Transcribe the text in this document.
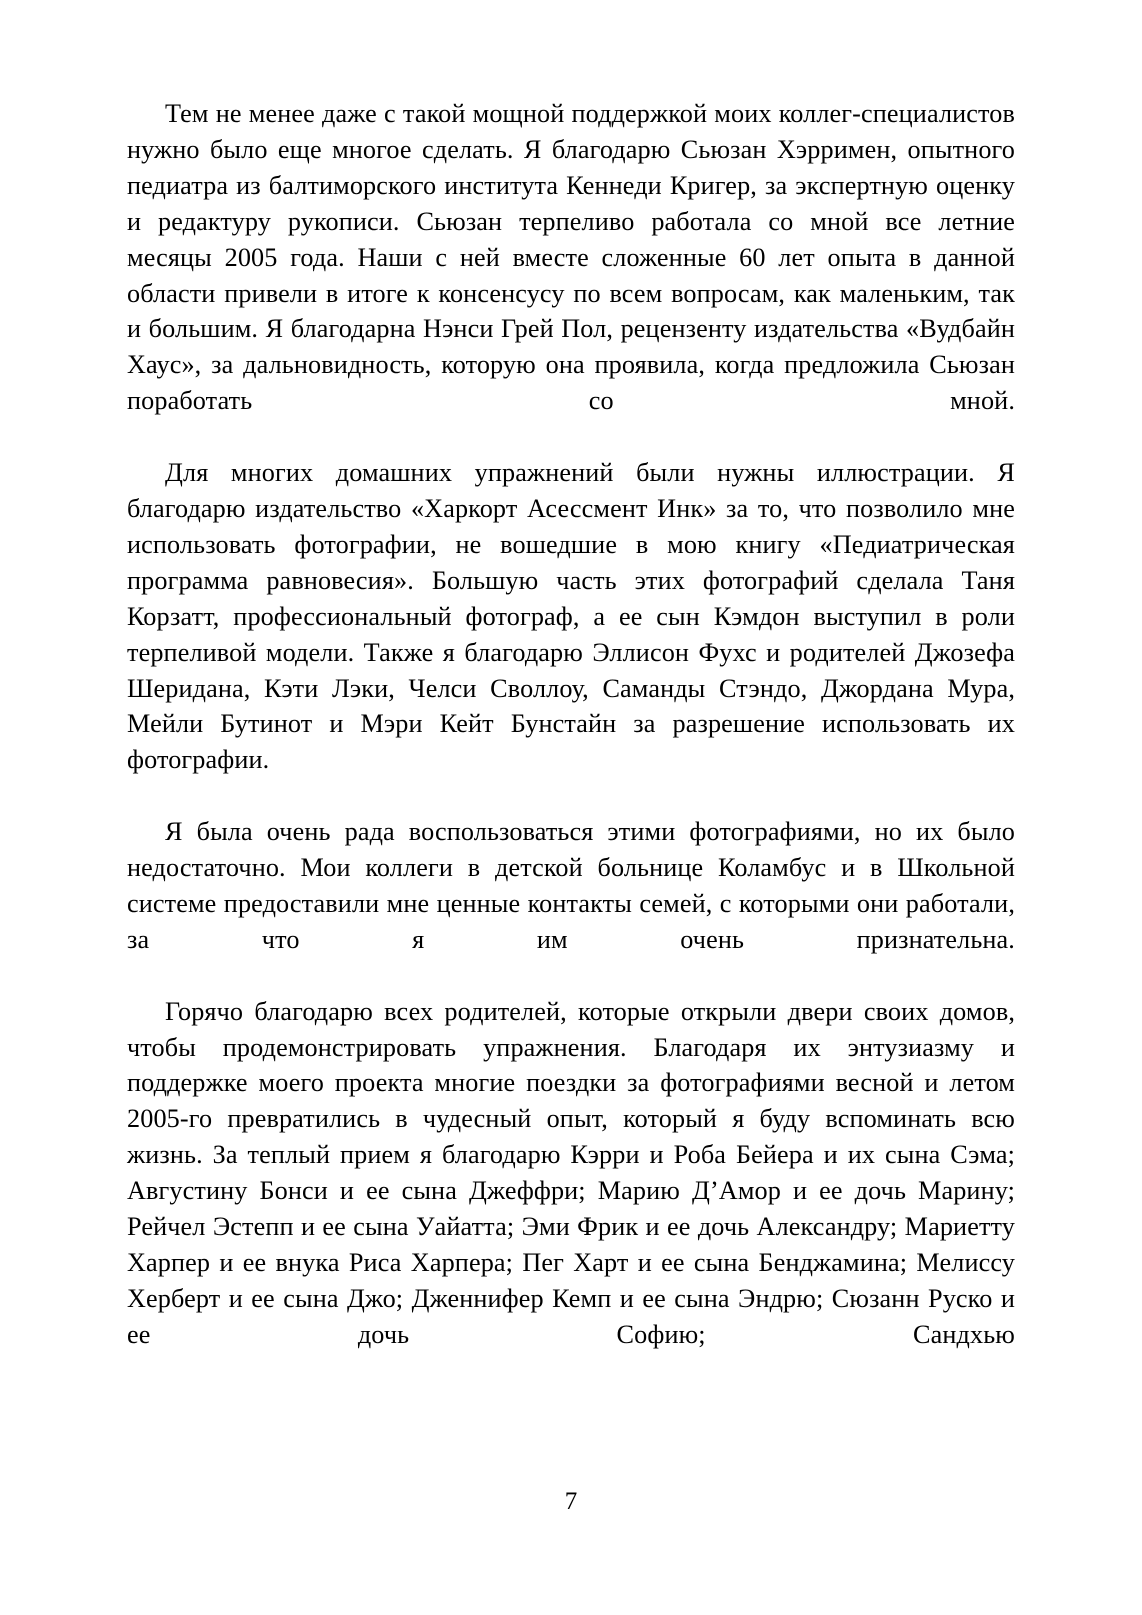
Тем не менее даже с такой мощной поддержкой моих коллег-специалистов нужно было еще многое сделать. Я благодарю Сьюзан Хэрримен, опытного педиатра из балтиморского института Кеннеди Кригер, за экспертную оценку и редактуру рукописи. Сьюзан терпеливо работала со мной все летние месяцы 2005 года. Наши с ней вместе сложенные 60 лет опыта в данной области привели в итоге к консенсусу по всем вопросам, как маленьким, так и большим. Я благодарна Нэнси Грей Пол, рецензенту издательства «Вудбайн Хаус», за дальновидность, которую она проявила, когда предложила Сьюзан поработать со мной.

Для многих домашних упражнений были нужны иллюстрации. Я благодарю издательство «Харкорт Асессмент Инк» за то, что позволило мне использовать фотографии, не вошедшие в мою книгу «Педиатрическая программа равновесия». Большую часть этих фотографий сделала Таня Корзатт, профессиональный фотограф, а ее сын Кэмдон выступил в роли терпеливой модели. Также я благодарю Эллисон Фухс и родителей Джозефа Шеридана, Кэти Лэки, Челси Своллоу, Саманды Стэндо, Джордана Мура, Мейли Бутинот и Мэри Кейт Бунстайн за разрешение использовать их фотографии.

Я была очень рада воспользоваться этими фотографиями, но их было недостаточно. Мои коллеги в детской больнице Коламбус и в Школьной системе предоставили мне ценные контакты семей, с которыми они работали, за что я им очень признательна.

Горячо благодарю всех родителей, которые открыли двери своих домов, чтобы продемонстрировать упражнения. Благодаря их энтузиазму и поддержке моего проекта многие поездки за фотографиями весной и летом 2005-го превратились в чудесный опыт, который я буду вспоминать всю жизнь. За теплый прием я благодарю Кэрри и Роба Бейера и их сына Сэма; Августину Бонси и ее сына Джеффри; Марию Д’Амор и ее дочь Марину; Рейчел Эстепп и ее сына Уайатта; Эми Фрик и ее дочь Александру; Мариетту Харпер и ее внука Риса Харпера; Пег Харт и ее сына Бенджамина; Мелиссу Херберт и ее сына Джо; Дженнифер Кемп и ее сына Эндрю; Сюзанн Руско и ее дочь Софию; Сандхью

7
